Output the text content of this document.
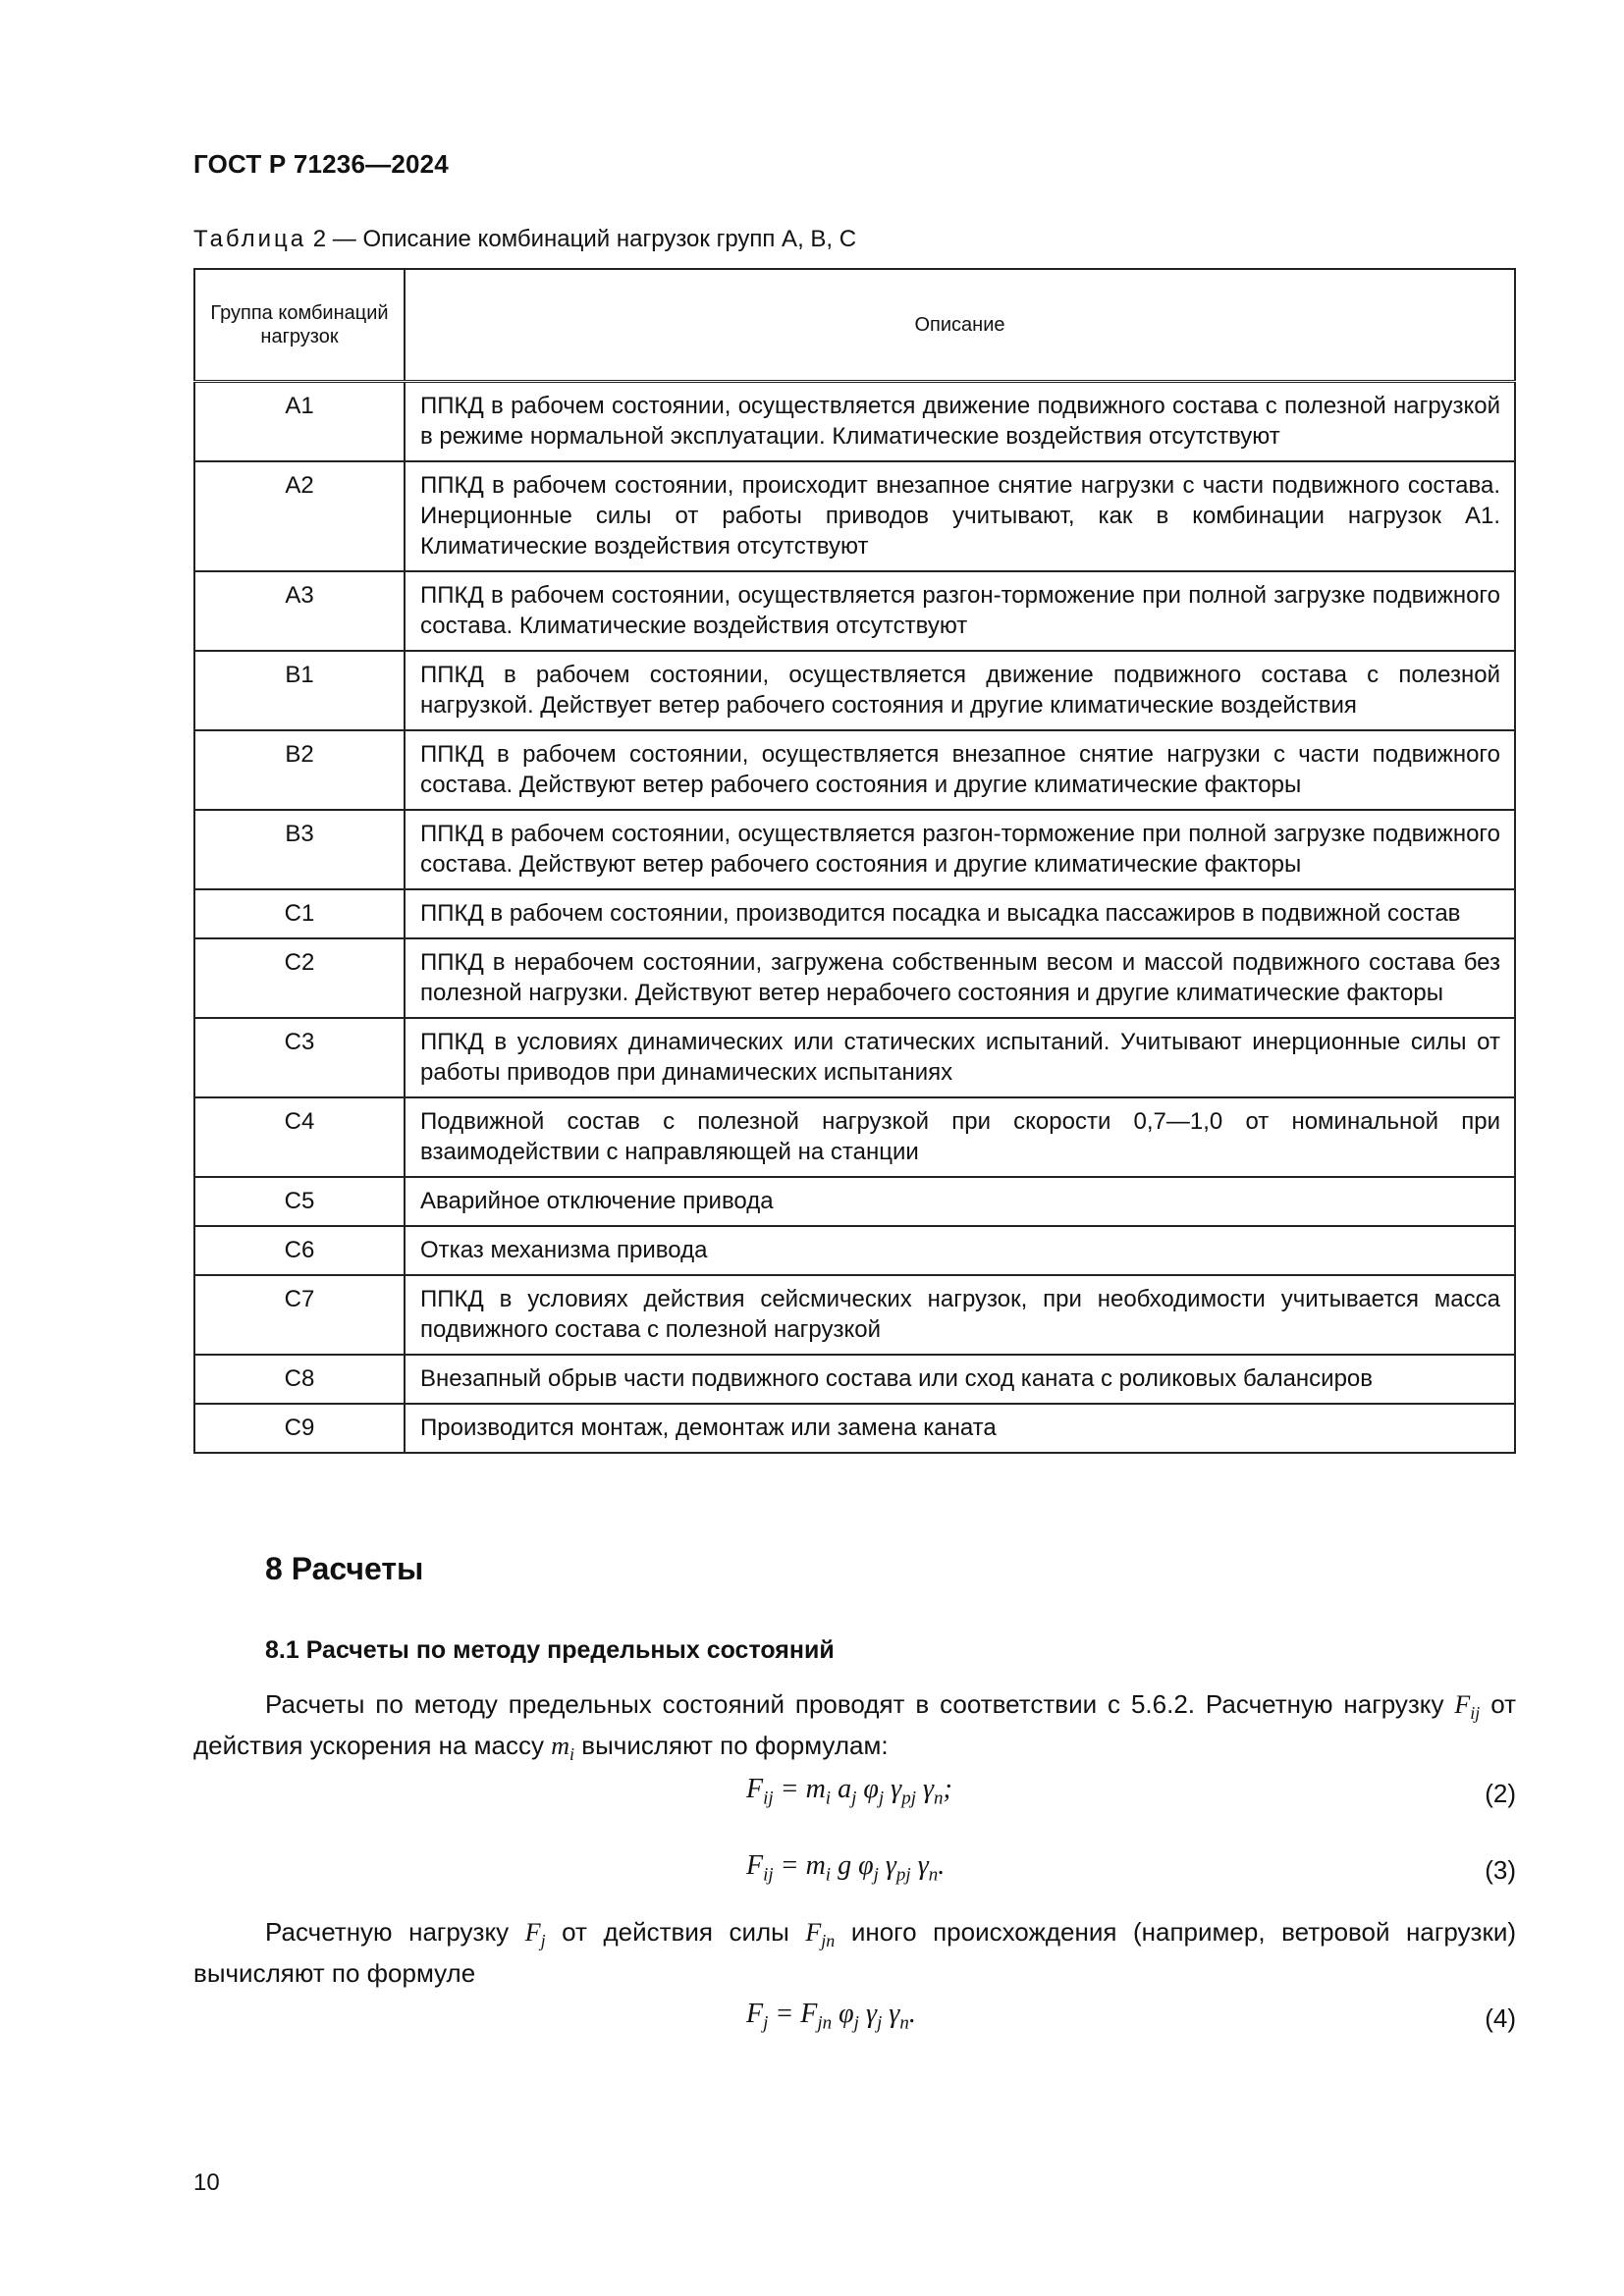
ГОСТ Р 71236—2024
Таблица 2 — Описание комбинаций нагрузок групп A, B, C
Группа комбинаций нагрузок	Описание
A1	ППКД в рабочем состоянии, осуществляется движение подвижного состава с полезной нагрузкой в режиме нормальной эксплуатации. Климатические воздействия отсутствуют
A2	ППКД в рабочем состоянии, происходит внезапное снятие нагрузки с части подвижного состава. Инерционные силы от работы приводов учитывают, как в комбинации нагрузок A1. Климатические воздействия отсутствуют
A3	ППКД в рабочем состоянии, осуществляется разгон-торможение при полной загрузке подвижного состава. Климатические воздействия отсутствуют
B1	ППКД в рабочем состоянии, осуществляется движение подвижного состава с полезной нагрузкой. Действует ветер рабочего состояния и другие климатические воздействия
B2	ППКД в рабочем состоянии, осуществляется внезапное снятие нагрузки с части подвижного состава. Действуют ветер рабочего состояния и другие климатические факторы
B3	ППКД в рабочем состоянии, осуществляется разгон-торможение при полной загрузке подвижного состава. Действуют ветер рабочего состояния и другие климатические факторы
C1	ППКД в рабочем состоянии, производится посадка и высадка пассажиров в подвижной состав
C2	ППКД в нерабочем состоянии, загружена собственным весом и массой подвижного состава без полезной нагрузки. Действуют ветер нерабочего состояния и другие климатические факторы
C3	ППКД в условиях динамических или статических испытаний. Учитывают инерционные силы от работы приводов при динамических испытаниях
C4	Подвижной состав с полезной нагрузкой при скорости 0,7—1,0 от номинальной при взаимодействии с направляющей на станции
C5	Аварийное отключение привода
C6	Отказ механизма привода
C7	ППКД в условиях действия сейсмических нагрузок, при необходимости учитывается масса подвижного состава с полезной нагрузкой
C8	Внезапный обрыв части подвижного состава или сход каната с роликовых балансиров
C9	Производится монтаж, демонтаж или замена каната
8 Расчеты
8.1 Расчеты по методу предельных состояний
Расчеты по методу предельных состояний проводят в соответствии с 5.6.2. Расчетную нагрузку $F_{ij}$ от действия ускорения на массу $m_i$ вычисляют по формулам:
$F_{ij} = m_i$ $a_j$ $\varphi_j$ $\gamma_{pj}$ $\gamma_n$;	(2)
$F_{ij} = m_i$ g $\varphi_j$ $\gamma_{pj}$ $\gamma_n$.	(3)
Расчетную нагрузку $F_j$ от действия силы $F_{jn}$ иного происхождения (например, ветровой нагрузки) вычисляют по формуле
$F_j = F_{jn}$ $\varphi_j$ $\gamma_j$ $\gamma_n$.	(4)
10
